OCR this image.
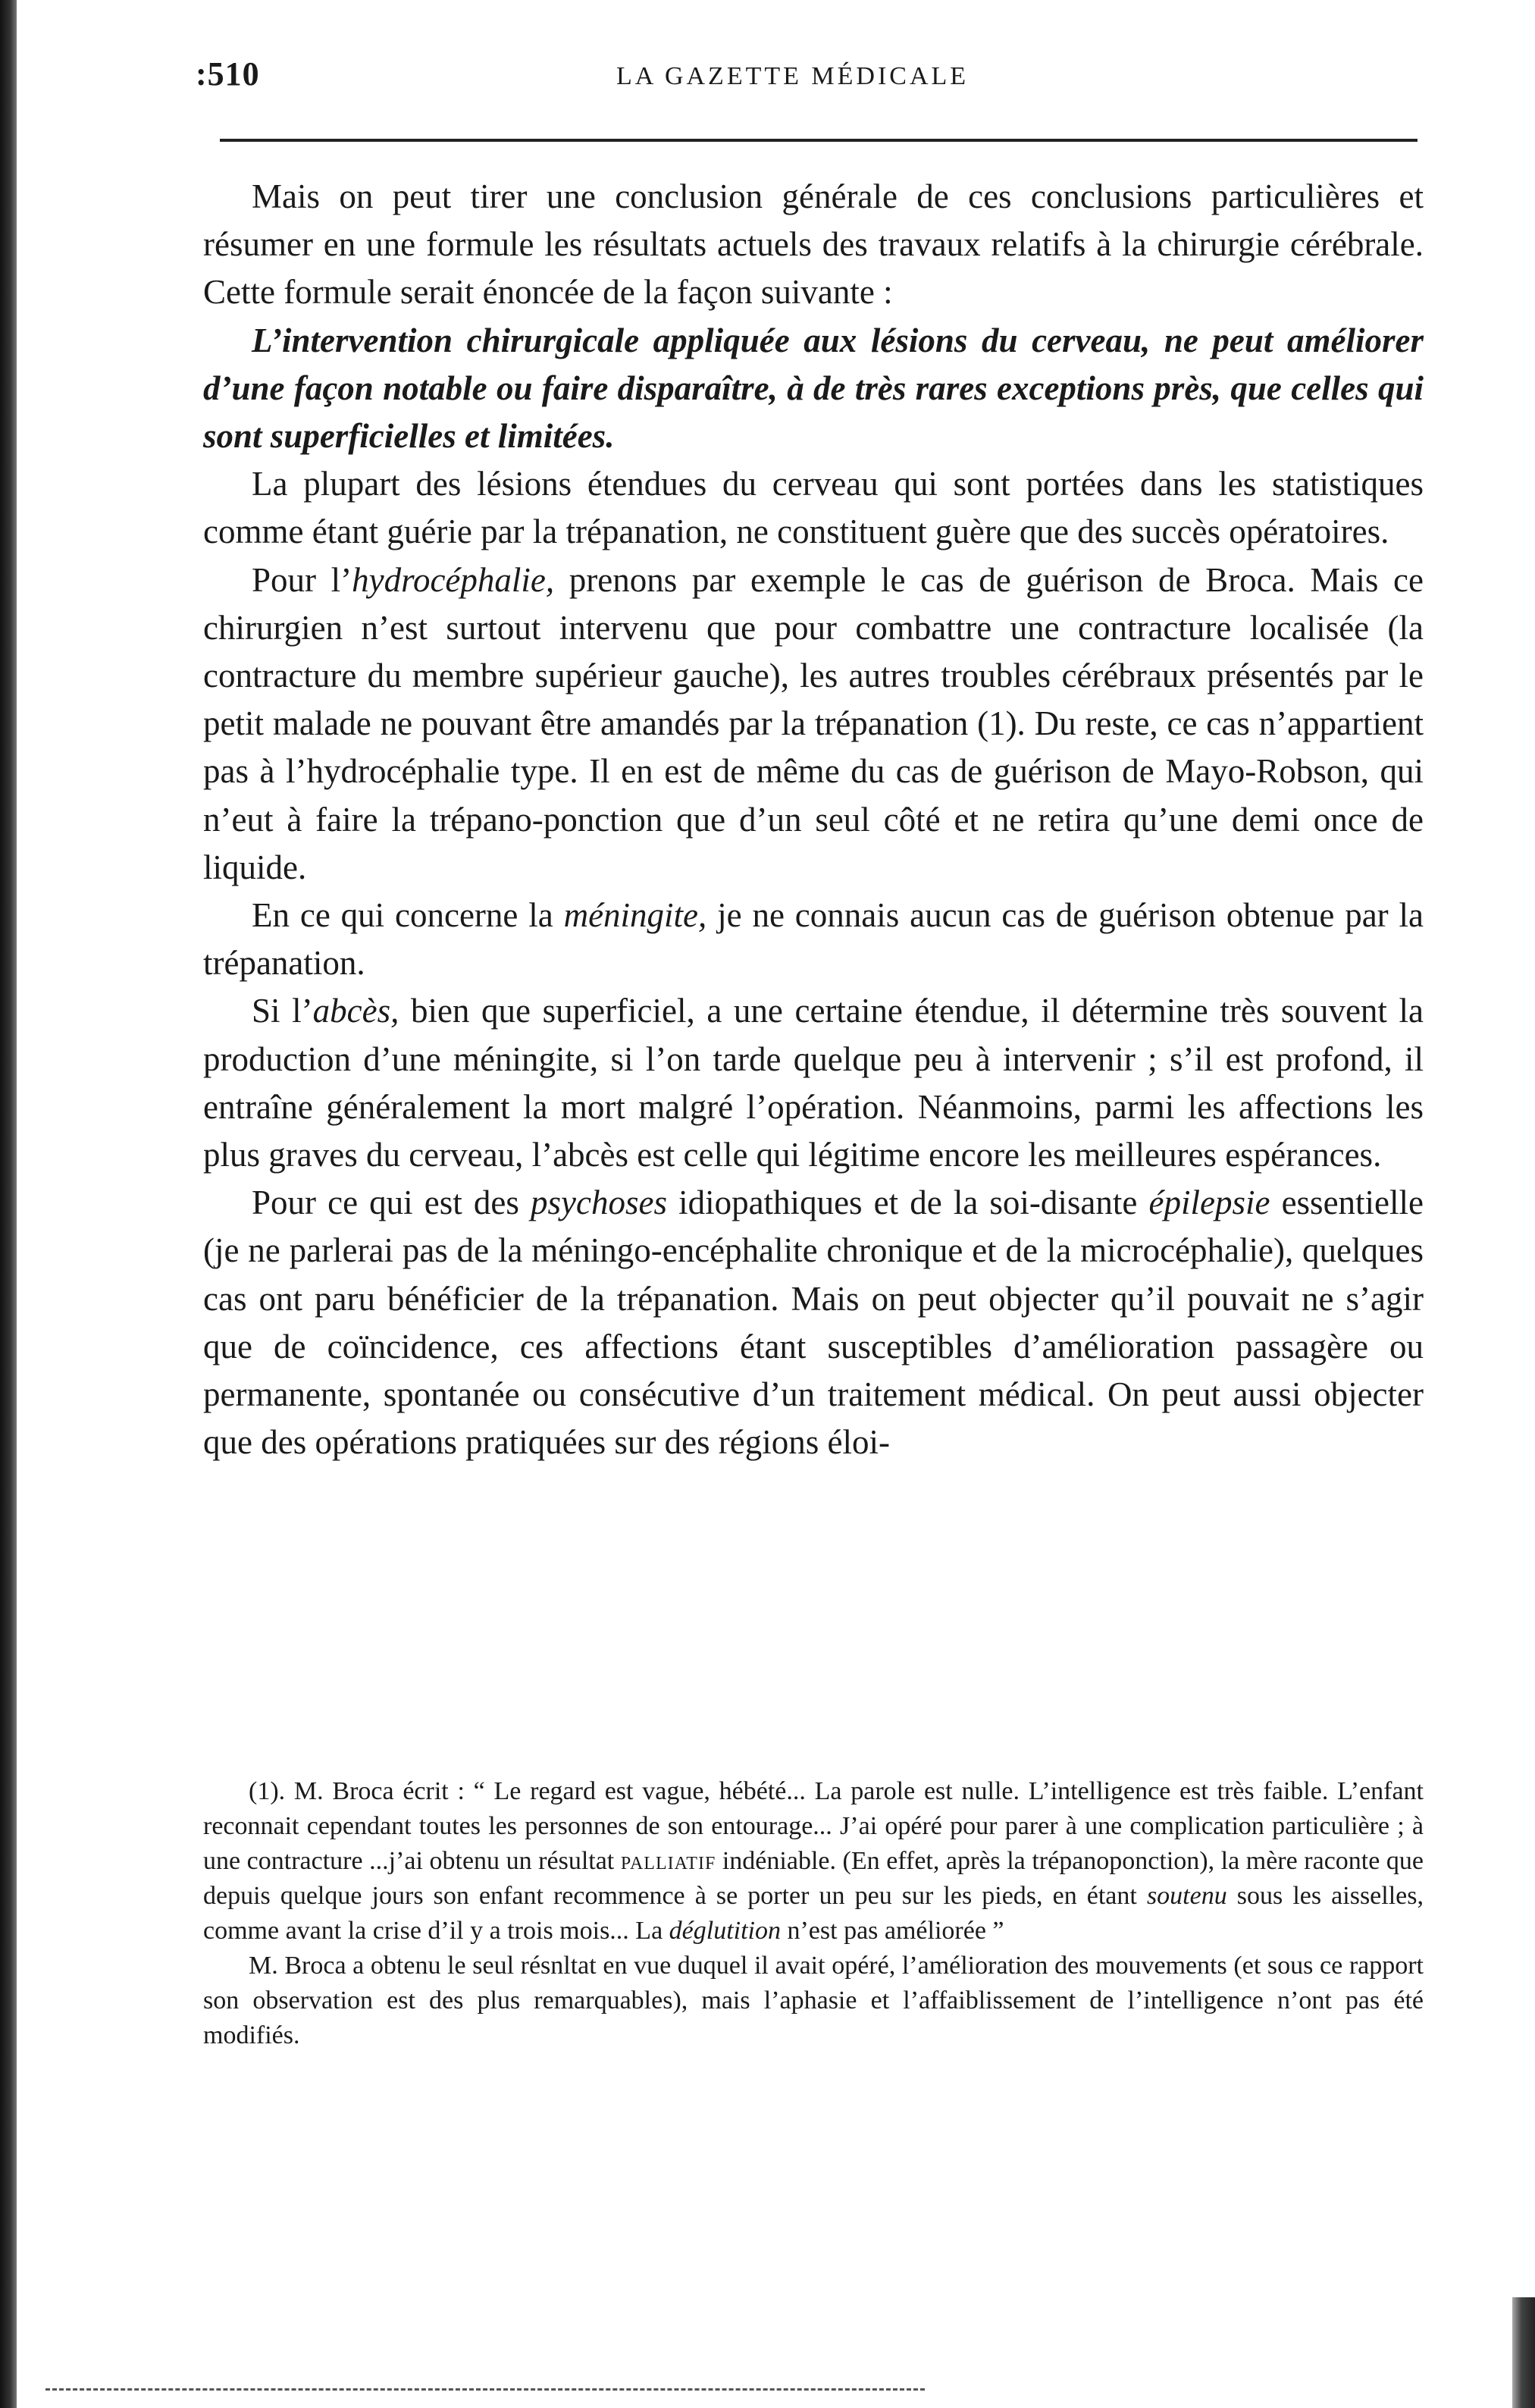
:510	LA GAZETTE MÉDICALE

Mais on peut tirer une conclusion générale de ces conclusions particulières et résumer en une formule les résultats actuels des travaux relatifs à la chirurgie cérébrale. Cette formule serait énoncée de la façon suivante :

L’intervention chirurgicale appliquée aux lésions du cerveau, ne peut améliorer d’une façon notable ou faire disparaître, à de très rares exceptions près, que celles qui sont superficielles et limitées.

La plupart des lésions étendues du cerveau qui sont portées dans les statistiques comme étant guérie par la trépanation, ne constituent guère que des succès opératoires.

Pour l’hydrocéphalie, prenons par exemple le cas de guérison de Broca. Mais ce chirurgien n’est surtout intervenu que pour combattre une contracture localisée (la contracture du membre supérieur gauche), les autres troubles cérébraux présentés par le petit malade ne pouvant être amandés par la trépanation (1). Du reste, ce cas n’appartient pas à l’hydrocéphalie type. Il en est de même du cas de guérison de Mayo-Robson, qui n’eut à faire la trépano-ponction que d’un seul côté et ne retira qu’une demi once de liquide.

En ce qui concerne la méningite, je ne connais aucun cas de guérison obtenue par la trépanation.

Si l’abcès, bien que superficiel, a une certaine étendue, il détermine très souvent la production d’une méningite, si l’on tarde quelque peu à intervenir ; s’il est profond, il entraîne généralement la mort malgré l’opération. Néanmoins, parmi les affections les plus graves du cerveau, l’abcès est celle qui légitime encore les meilleures espérances.

Pour ce qui est des psychoses idiopathiques et de la soi-disante épilepsie essentielle (je ne parlerai pas de la méningo-encéphalite chronique et de la microcéphalie), quelques cas ont paru bénéficier de la trépanation. Mais on peut objecter qu’il pouvait ne s’agir que de coïncidence, ces affections étant susceptibles d’amélioration passagère ou permanente, spontanée ou consécutive d’un traitement médical. On peut aussi objecter que des opérations pratiquées sur des régions éloi-

(1). M. Broca écrit : “ Le regard est vague, hébété... La parole est nulle. L’intelligence est très faible. L’enfant reconnait cependant toutes les personnes de son entourage... J’ai opéré pour parer à une complication particulière ; à une contracture ...j’ai obtenu un résultat palliatif indéniable. (En effet, après la trépanoponction), la mère raconte que depuis quelque jours son enfant recommence à se porter un peu sur les pieds, en étant soutenu sous les aisselles, comme avant la crise d’il y a trois mois... La déglutition n’est pas améliorée ”

M. Broca a obtenu le seul résnltat en vue duquel il avait opéré, l’amélioration des mouvements (et sous ce rapport son observation est des plus remarquables), mais l’aphasie et l’affaiblissement de l’intelligence n’ont pas été modifiés.
